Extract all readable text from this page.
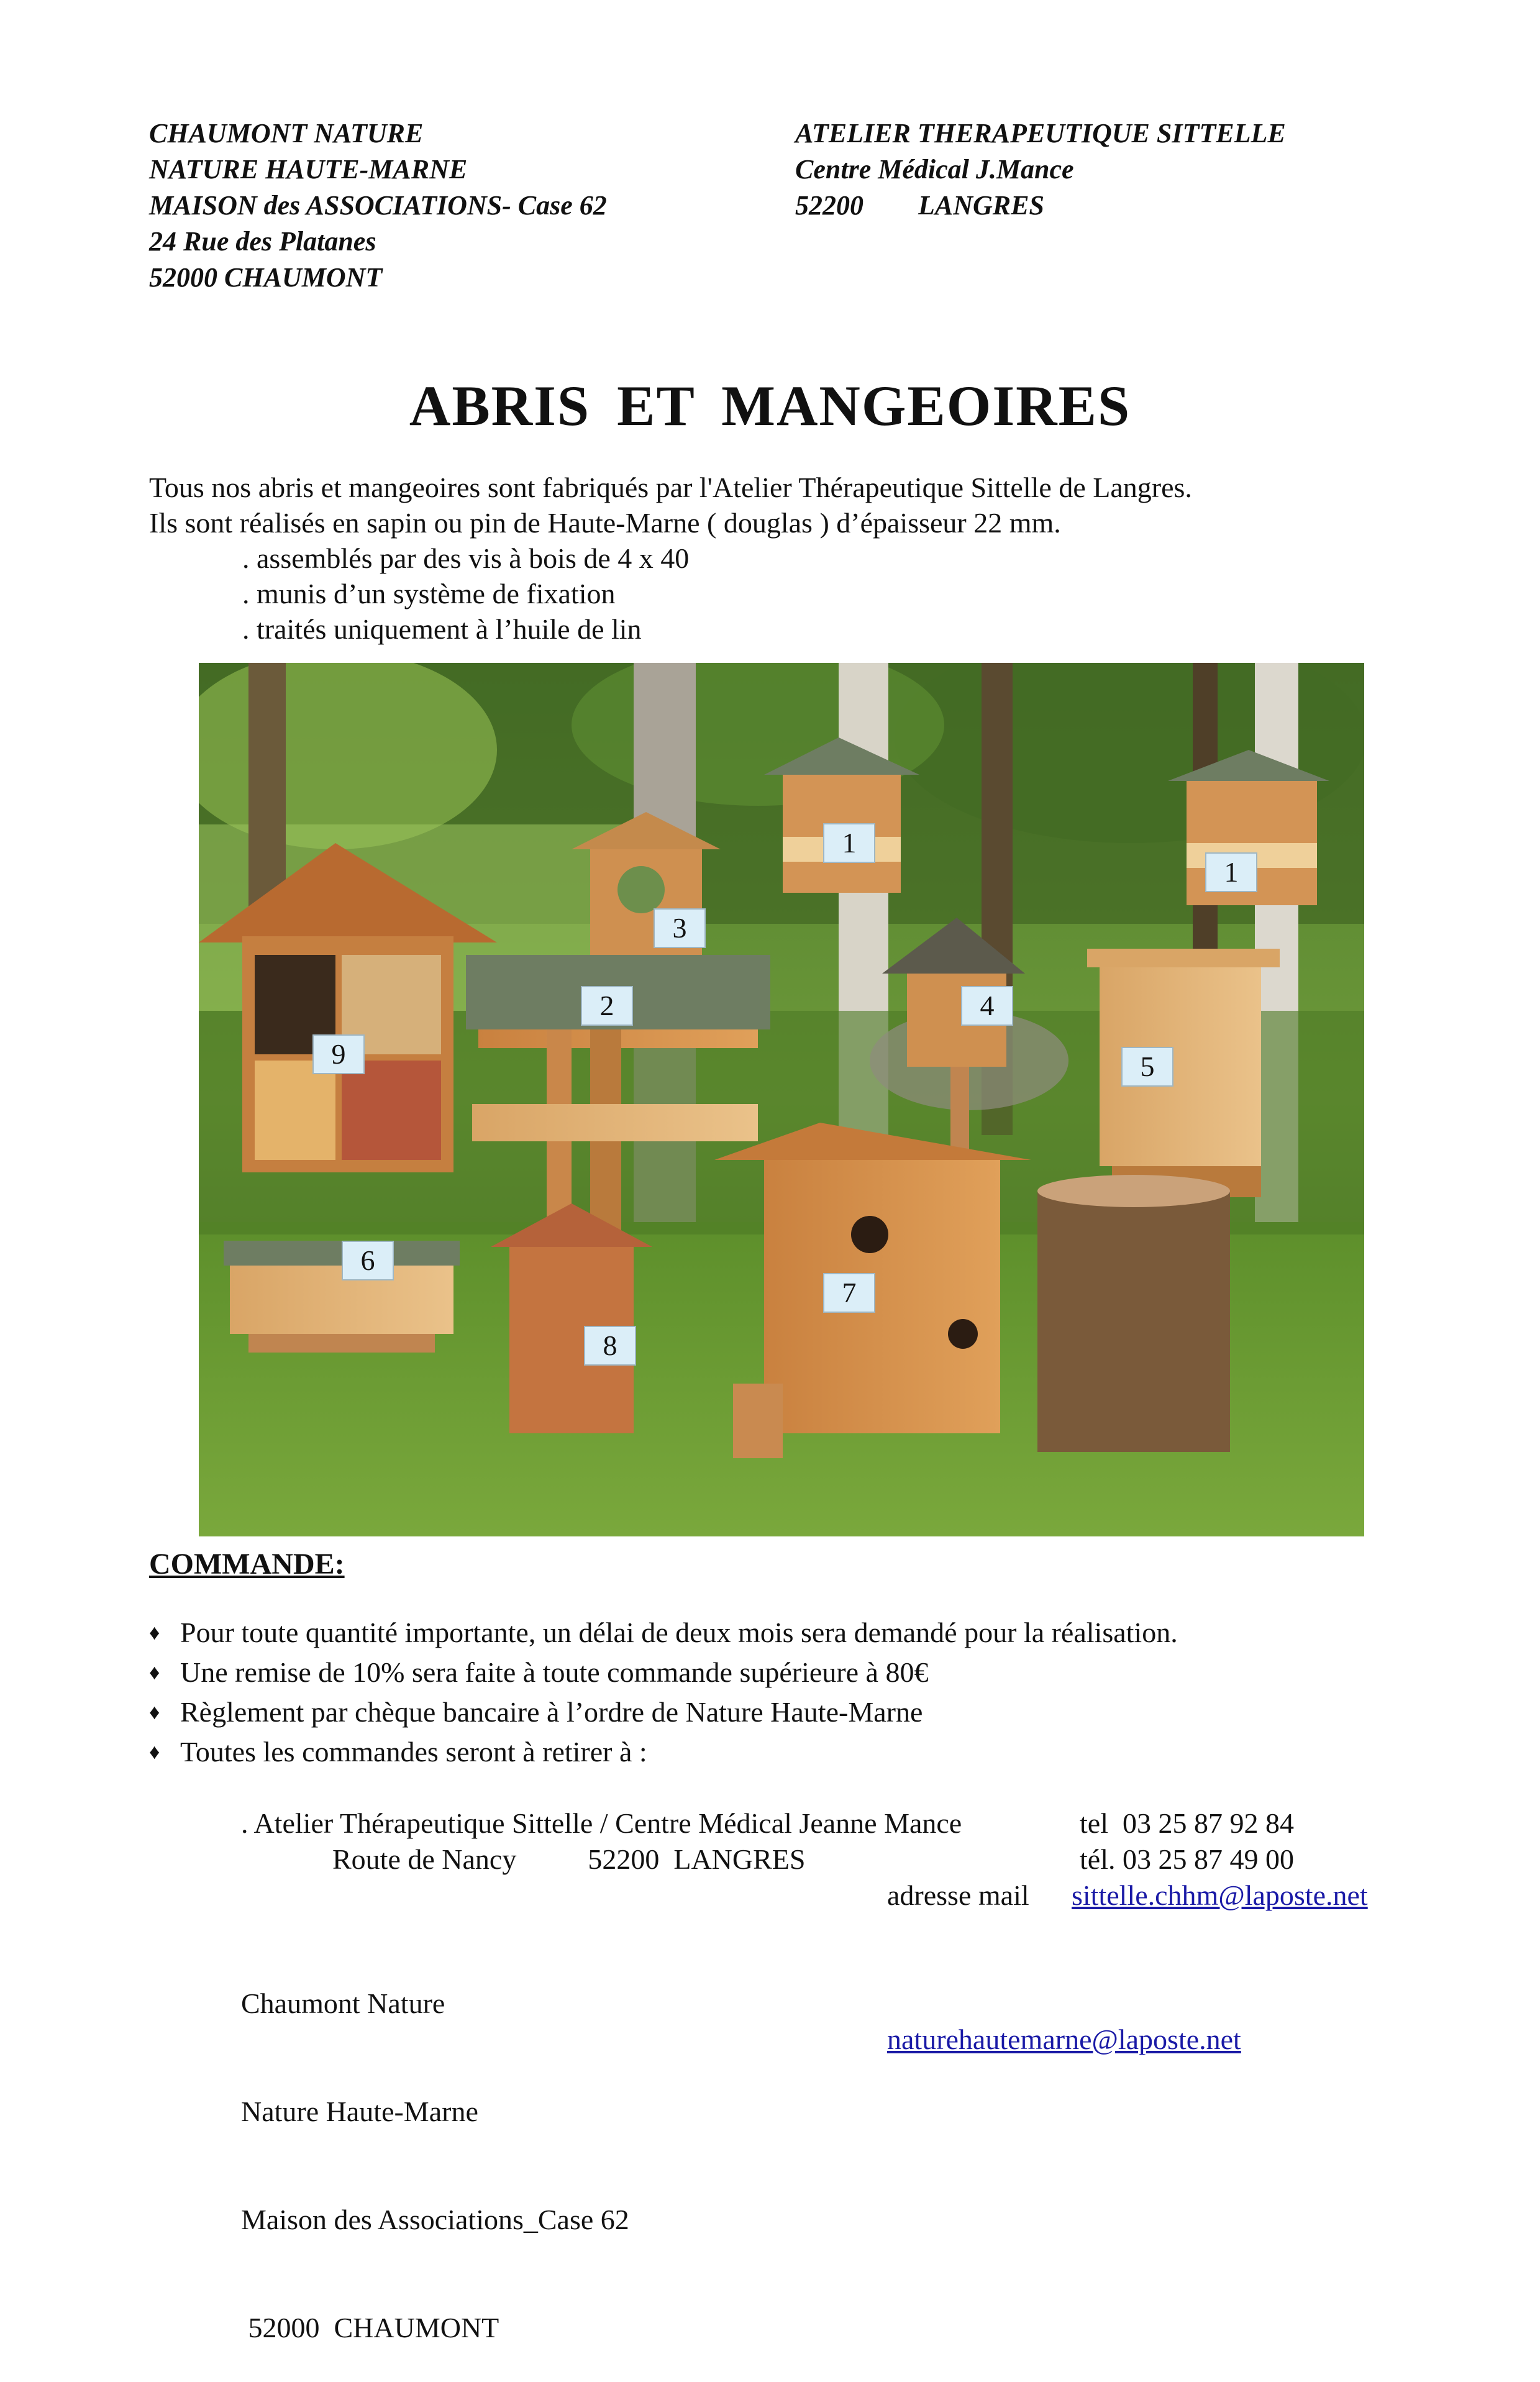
CHAUMONT NATURE
NATURE HAUTE-MARNE
MAISON des ASSOCIATIONS- Case 62
24 Rue des Platanes
52000 CHAUMONT
ATELIER THERAPEUTIQUE SITTELLE
Centre Médical J.Mance
52200        LANGRES
ABRIS ET MANGEOIRES
Tous nos abris et mangeoires sont fabriqués par l'Atelier Thérapeutique Sittelle de Langres.
Ils sont réalisés en sapin ou pin de Haute-Marne ( douglas ) d’épaisseur 22 mm.
. assemblés par des vis à bois de 4 x 40
. munis d’un système de fixation
. traités uniquement à l’huile de lin
1
1
2
3
4
5
6
7
8
9
COMMANDE:
♦ Pour toute quantité importante, un délai de deux mois sera demandé pour la réalisation.
♦ Une remise de 10% sera faite à toute commande supérieure à 80€
♦ Règlement par chèque bancaire à l’ordre de Nature Haute-Marne
♦ Toutes les commandes seront à retirer à :
. Atelier Thérapeutique Sittelle / Centre Médical Jeanne Mance	tel  03 25 87 92 84
Route de Nancy          52200  LANGRES	tél. 03 25 87 49 00
adresse mail sittelle.chhm@laposte.net

Chaumont Nature

Nature Haute-Marne

Maison des Associations_Case 62

52000  CHAUMONT

naturehautemarne@laposte.net
